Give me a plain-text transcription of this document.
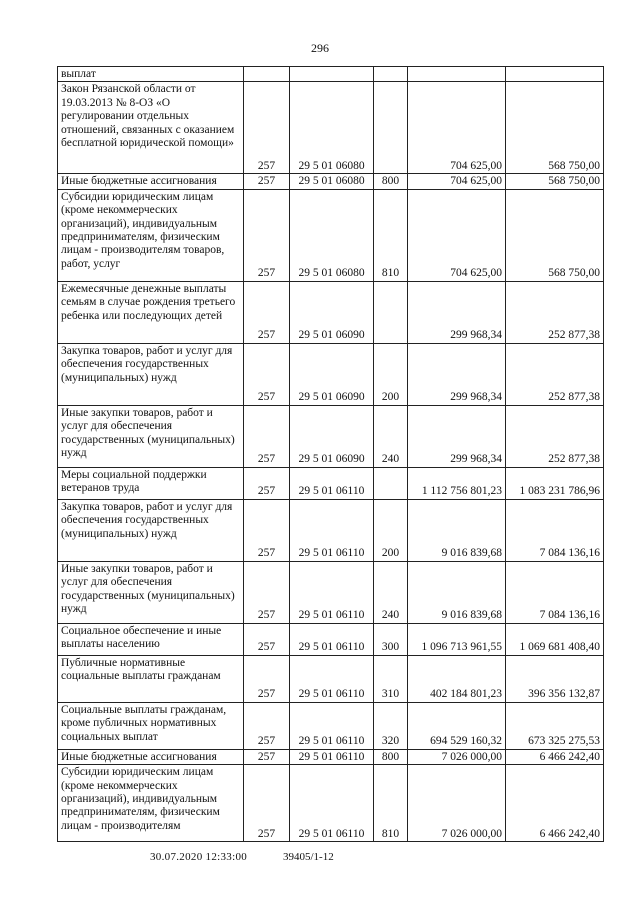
296
выплат					
Закон Рязанской области от 19.03.2013 № 8-ОЗ «О регулировании отдельных отношений, связанных с оказанием бесплатной юридической помощи»	257	29 5 01 06080		704 625,00	568 750,00
Иные бюджетные ассигнования	257	29 5 01 06080	800	704 625,00	568 750,00
Субсидии юридическим лицам (кроме некоммерческих организаций), индивидуальным предпринимателям, физическим лицам - производителям товаров, работ, услуг	257	29 5 01 06080	810	704 625,00	568 750,00
Ежемесячные денежные выплаты семьям в случае рождения третьего ребенка или последующих детей	257	29 5 01 06090		299 968,34	252 877,38
Закупка товаров, работ и услуг для обеспечения государственных (муниципальных) нужд	257	29 5 01 06090	200	299 968,34	252 877,38
Иные закупки товаров, работ и услуг для обеспечения государственных (муниципальных) нужд	257	29 5 01 06090	240	299 968,34	252 877,38
Меры социальной поддержки ветеранов труда	257	29 5 01 06110		1 112 756 801,23	1 083 231 786,96
Закупка товаров, работ и услуг для обеспечения государственных (муниципальных) нужд	257	29 5 01 06110	200	9 016 839,68	7 084 136,16
Иные закупки товаров, работ и услуг для обеспечения государственных (муниципальных) нужд	257	29 5 01 06110	240	9 016 839,68	7 084 136,16
Социальное обеспечение и иные выплаты населению	257	29 5 01 06110	300	1 096 713 961,55	1 069 681 408,40
Публичные нормативные социальные выплаты гражданам	257	29 5 01 06110	310	402 184 801,23	396 356 132,87
Социальные выплаты гражданам, кроме публичных нормативных социальных выплат	257	29 5 01 06110	320	694 529 160,32	673 325 275,53
Иные бюджетные ассигнования	257	29 5 01 06110	800	7 026 000,00	6 466 242,40
Субсидии юридическим лицам (кроме некоммерческих организаций), индивидуальным предпринимателям, физическим лицам - производителям	257	29 5 01 06110	810	7 026 000,00	6 466 242,40
30.07.2020 12:33:00	39405/1-12
